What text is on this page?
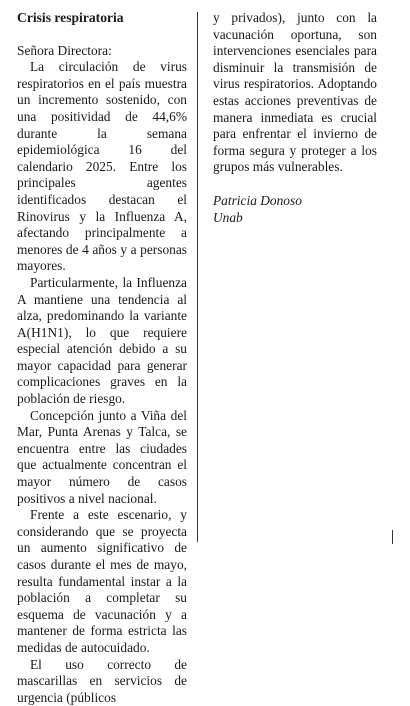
Crisis respiratoria

Señora Directora:

La circulación de virus respiratorios en el país muestra un incremento sostenido, con una positividad de 44,6% durante la semana epidemiológica 16 del calendario 2025. Entre los principales agentes identificados destacan el Rinovirus y la Influenza A, afectando principalmente a menores de 4 años y a personas mayores.

Particularmente, la Influenza A mantiene una tendencia al alza, predominando la variante A(H1N1), lo que requiere especial atención debido a su mayor capacidad para generar complicaciones graves en la población de riesgo.

Concepción junto a Viña del Mar, Punta Arenas y Talca, se encuentra entre las ciudades que actualmente concentran el mayor número de casos positivos a nivel nacional.

Frente a este escenario, y considerando que se proyecta un aumento significativo de casos durante el mes de mayo, resulta fundamental instar a la población a completar su esquema de vacunación y a mantener de forma estricta las medidas de autocuidado.

El uso correcto de mascarillas en servicios de urgencia (públicos

y privados), junto con la vacunación oportuna, son intervenciones esenciales para disminuir la transmisión de virus respiratorios. Adoptando estas acciones preventivas de manera inmediata es crucial para enfrentar el invierno de forma segura y proteger a los grupos más vulnerables.

Patricia Donoso
Unab
